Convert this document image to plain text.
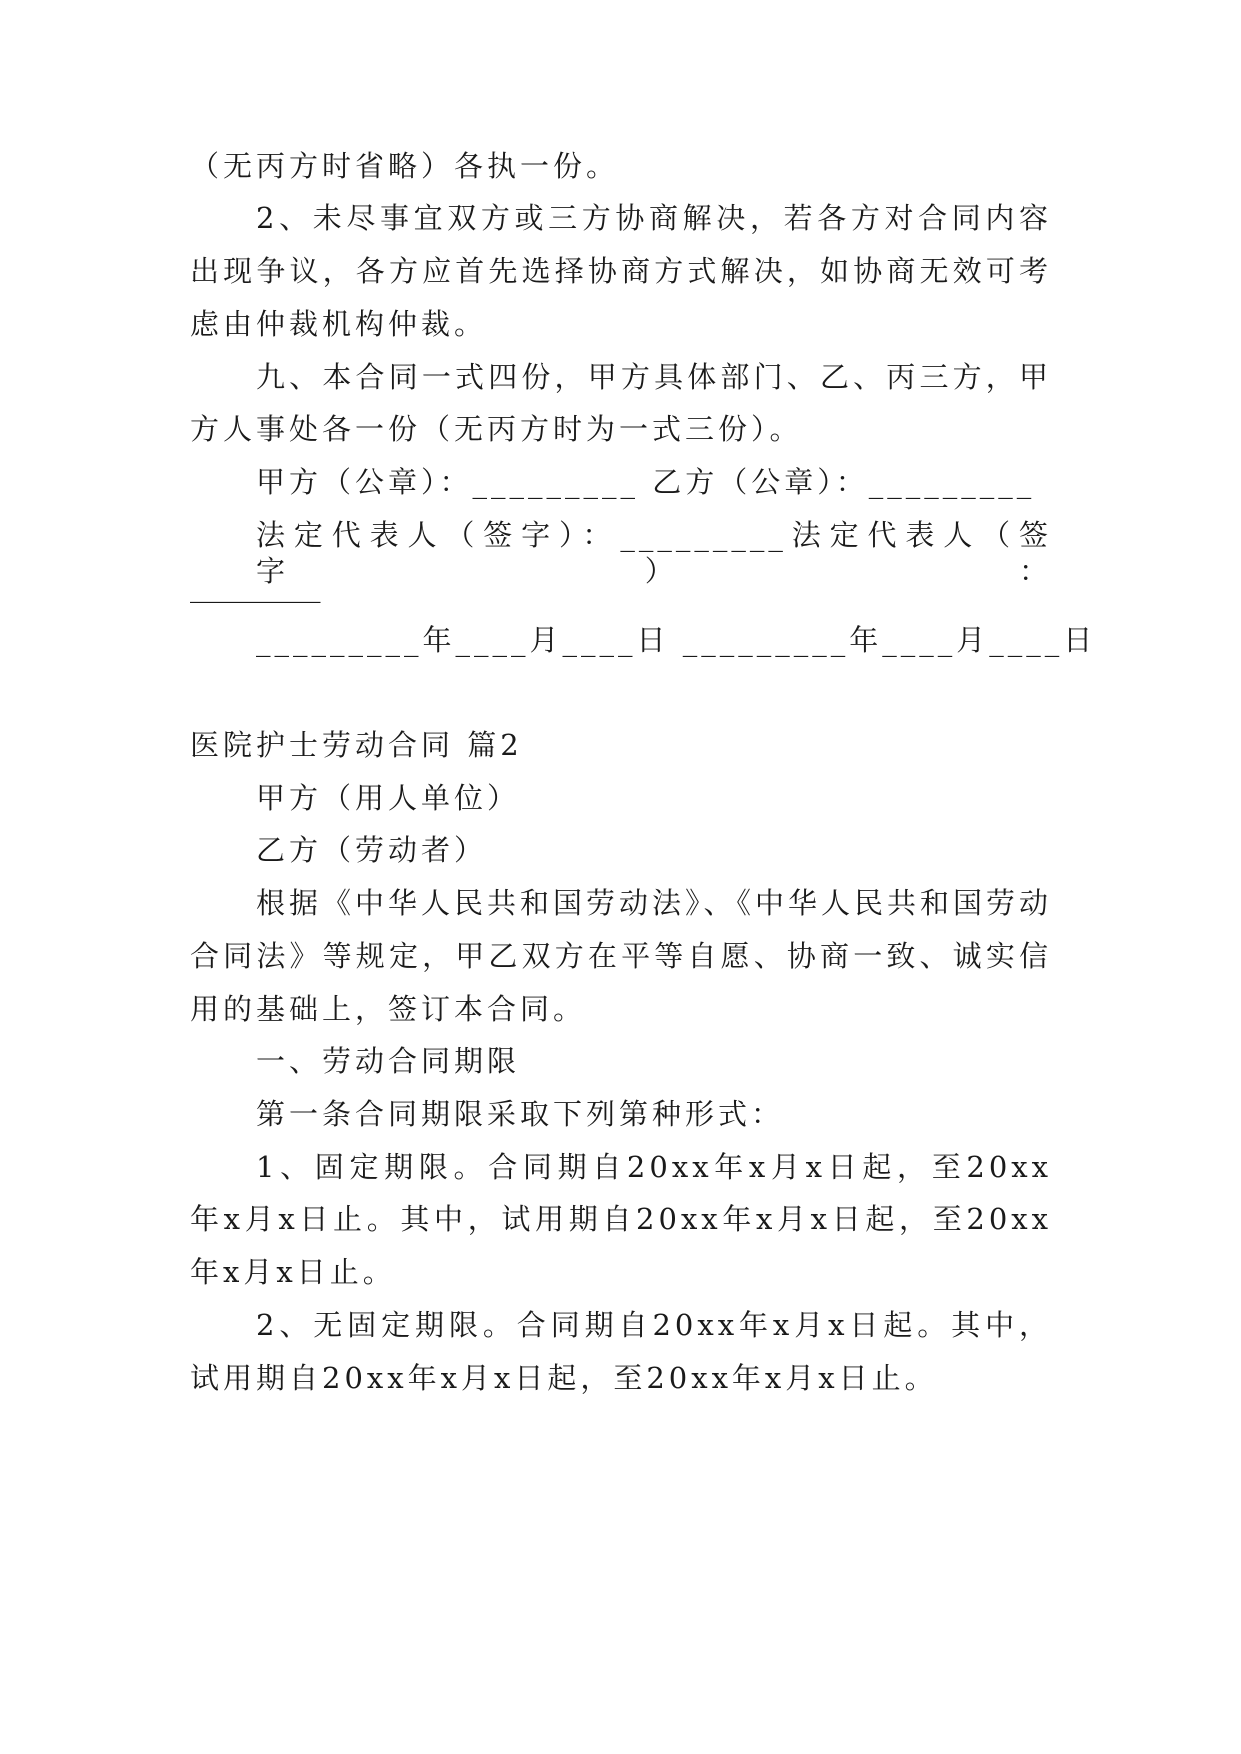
（无丙方时省略）各执一份。
2、未尽事宜双方或三方协商解决，若各方对合同内容
出现争议，各方应首先选择协商方式解决，如协商无效可考
虑由仲裁机构仲裁。
九、本合同一式四份，甲方具体部门、乙、丙三方，甲
方人事处各一份（无丙方时为一式三份）。
甲方（公章）：_________ 乙方（公章）：_________
法定代表人（签字）：_________法定代表人（签字）：
_________
_________年____月____日 _________年____月____日
医院护士劳动合同 篇2
甲方（用人单位）
乙方（劳动者）
根据《中华人民共和国劳动法》、《中华人民共和国劳动
合同法》等规定，甲乙双方在平等自愿、协商一致、诚实信
用的基础上，签订本合同。
一、劳动合同期限
第一条合同期限采取下列第种形式：
1、固定期限。合同期自20xx年x月x日起，至20xx
年x月x日止。其中，试用期自20xx年x月x日起，至20xx
年x月x日止。
2、无固定期限。合同期自20xx年x月x日起。其中，
试用期自20xx年x月x日起，至20xx年x月x日止。
